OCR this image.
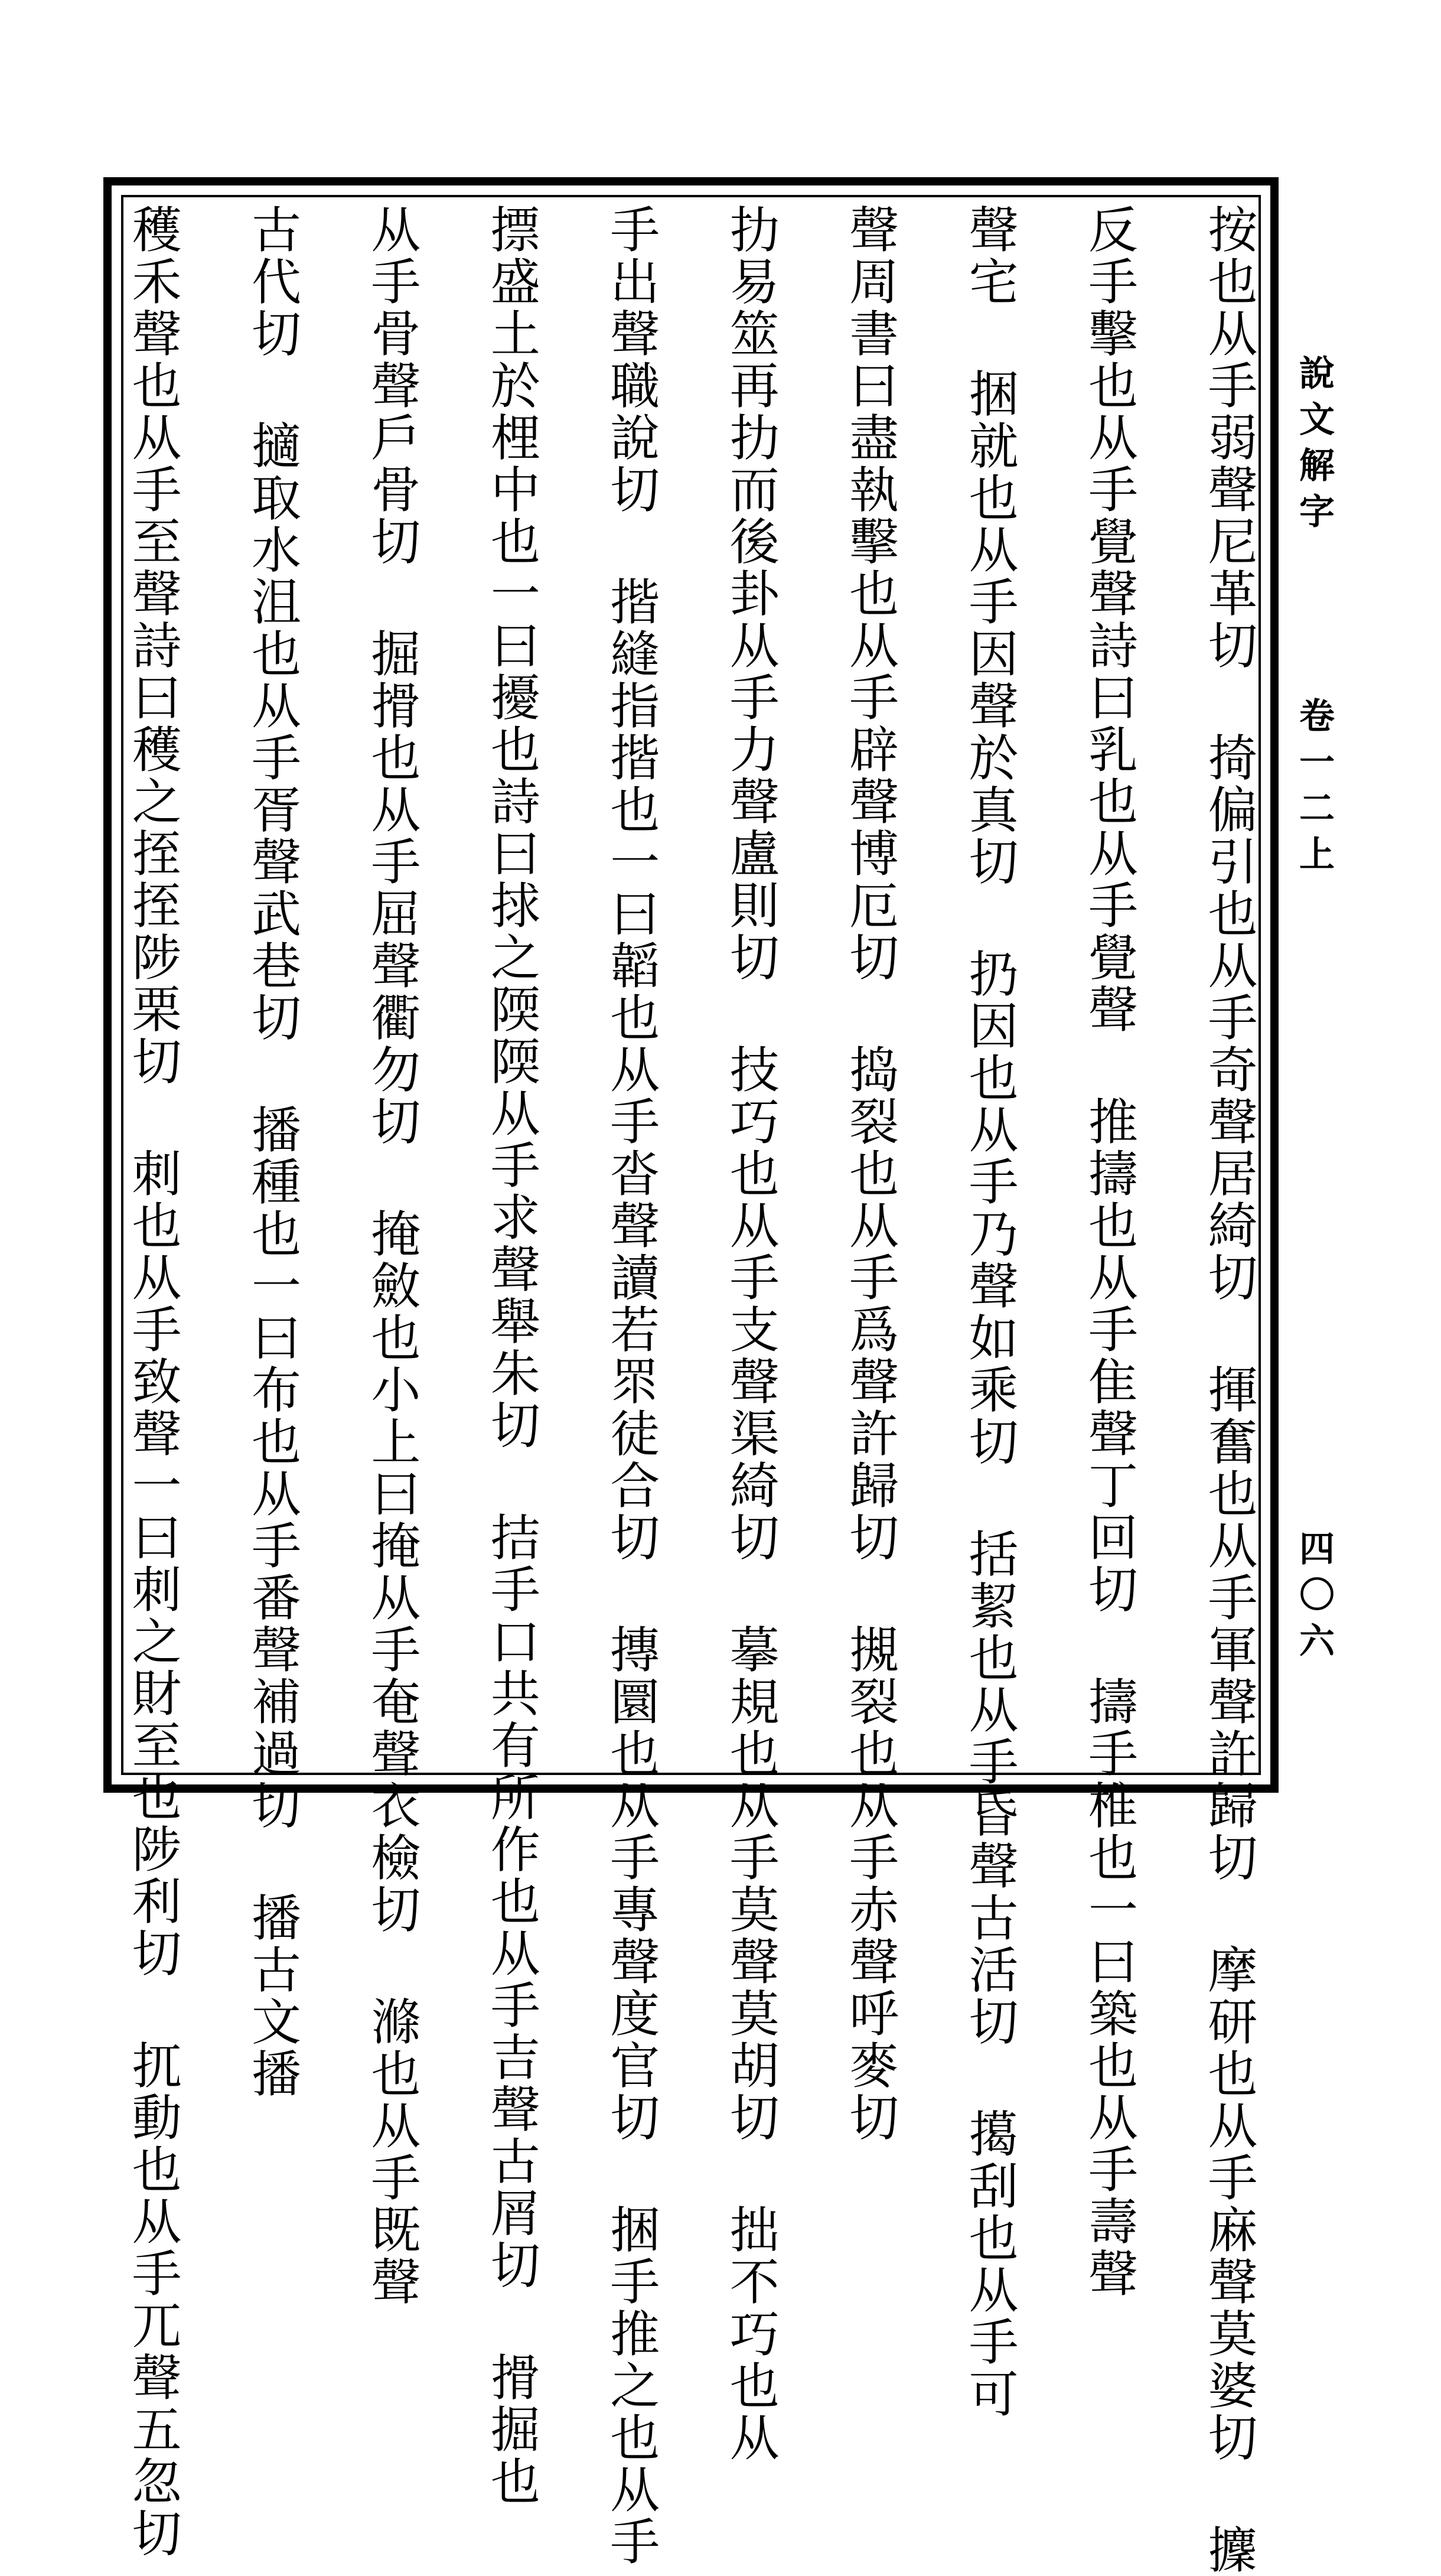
按也从手弱聲尼革切 掎偏引也从手奇聲居綺切 揮奮也从手軍聲許歸切 摩研也从手麻聲莫婆切 攈
反手擊也从手覺聲詩曰乳也从手覺聲 推擣也从手隹聲丁回切 擣手椎也一曰築也从手壽聲
聲宅 捆就也从手因聲於真切 扔因也从手乃聲如乘切 括絜也从手昏聲古活切 擖刮也从手可
聲周書曰盡執擊也从手辟聲博厄切 捣裂也从手爲聲許歸切 摫裂也从手赤聲呼麥切
扐易筮再扐而後卦从手力聲盧則切 技巧也从手支聲渠綺切 摹規也从手莫聲莫胡切 拙不巧也从
手出聲職說切 揩縫指揩也一曰韜也从手沓聲讀若眔徒合切 摶圜也从手專聲度官切 捆手推之也从手
摽盛土於梩中也一曰擾也詩曰捄之陾陾从手求聲舉朱切 拮手口共有所作也从手吉聲古屑切 搰掘也
从手骨聲戶骨切 掘搰也从手屈聲衢勿切 掩斂也小上曰掩从手奄聲衣檢切 滌也从手既聲
古代切 擿取水沮也从手胥聲武巷切 播種也一曰布也从手番聲補過切 播古文播
穫禾聲也从手至聲詩曰穫之挃挃陟栗切 刺也从手致聲一曰刺之財至也陟利切 扤動也从手兀聲五忽切	說文解字
卷一二上
四〇六
